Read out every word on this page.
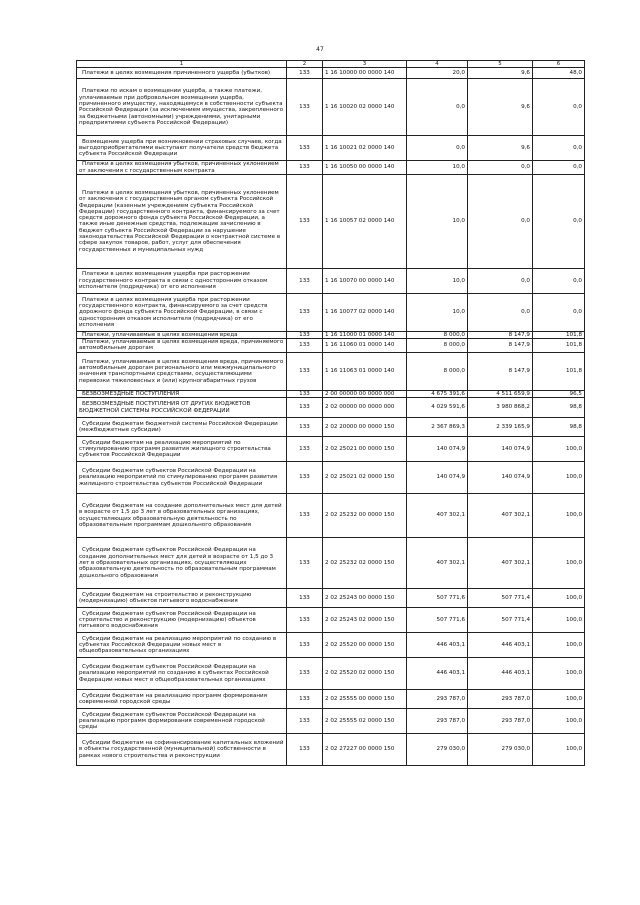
47
1	2	3	4	5	6
Платежи в целях возмещения причиненного ущерба (убытков)	133	1 16 10000 00 0000 140	20,0	9,6	48,0
Платежи по искам о возмещении ущерба, а также платежи, уплачиваемые при добровольном возмещении ущерба, причиненного имуществу, находящемуся в собственности субъекта Российской Федерации (за исключением имущества, закрепленного за бюджетными (автономными) учреждениями, унитарными предприятиями субъекта Российской Федерации)	133	1 16 10020 02 0000 140	0,0	9,6	0,0
Возмещение ущерба при возникновении страховых случаев, когда выгодоприобретателями выступают получатели средств бюджета субъекта Российской Федерации	133	1 16 10021 02 0000 140	0,0	9,6	0,0
Платежи в целях возмещения убытков, причиненных уклонением от заключения с государственным контракта	133	1 16 10050 00 0000 140	10,0	0,0	0,0
Платежи в целях возмещения убытков, причиненных уклонением от заключения с государственным органом субъекта Российской Федерации (казенным учреждением субъекта Российской Федерации) государственного контракта, финансируемого за счет средств дорожного фонда субъекта Российской Федерации, а также иные денежные средства, подлежащие зачислению в бюджет субъекта Российской Федерации за нарушение законодательства Российской Федерации о контрактной системе в сфере закупок товаров, работ, услуг для обеспечения государственных и муниципальных нужд	133	1 16 10057 02 0000 140	10,0	0,0	0,0
Платежи в целях возмещения ущерба при расторжении государственного контракта в связи с односторонним отказом исполнителя (подрядчика) от его исполнения	133	1 16 10070 00 0000 140	10,0	0,0	0,0
Платежи в целях возмещения ущерба при расторжении государственного контракта, финансируемого за счет средств дорожного фонда субъекта Российской Федерации, в связи с односторонним отказом исполнителя (подрядчика) от его исполнения	133	1 16 10077 02 0000 140	10,0	0,0	0,0
Платежи, уплачиваемые в целях возмещения вреда	133	1 16 11000 01 0000 140	8 000,0	8 147,9	101,8
Платежи, уплачиваемые в целях возмещения вреда, причиняемого автомобильным дорогам	133	1 16 11060 01 0000 140	8 000,0	8 147,9	101,8
Платежи, уплачиваемые в целях возмещения вреда, причиняемого автомобильным дорогам регионального или межмуниципального значения транспортными средствами, осуществляющими перевозки тяжеловесных и (или) крупногабаритных грузов	133	1 16 11063 01 0000 140	8 000,0	8 147,9	101,8
БЕЗВОЗМЕЗДНЫЕ ПОСТУПЛЕНИЯ	133	2 00 00000 00 0000 000	4 675 391,6	4 511 659,9	96,5
БЕЗВОЗМЕЗДНЫЕ ПОСТУПЛЕНИЯ ОТ ДРУГИХ БЮДЖЕТОВ БЮДЖЕТНОЙ СИСТЕМЫ РОССИЙСКОЙ ФЕДЕРАЦИИ	133	2 02 00000 00 0000 000	4 029 591,6	3 980 868,2	98,8
Субсидии бюджетам бюджетной системы Российской Федерации (межбюджетные субсидии)	133	2 02 20000 00 0000 150	2 367 869,3	2 339 165,9	98,8
Субсидии бюджетам на реализацию мероприятий по стимулированию программ развития жилищного строительства субъектов Российской Федерации	133	2 02 25021 00 0000 150	140 074,9	140 074,9	100,0
Субсидии бюджетам субъектов Российской Федерации на реализацию мероприятий по стимулированию программ развития жилищного строительства субъектов Российской Федерации	133	2 02 25021 02 0000 150	140 074,9	140 074,9	100,0
Субсидии бюджетам на создание дополнительных мест для детей в возрасте от 1,5 до 3 лет в образовательных организациях, осуществляющих образовательную деятельность по образовательным программам дошкольного образования	133	2 02 25232 00 0000 150	407 302,1	407 302,1	100,0
Субсидии бюджетам субъектов Российской Федерации на создание дополнительных мест для детей в возрасте от 1,5 до 3 лет в образовательных организациях, осуществляющих образовательную деятельность по образовательным программам дошкольного образования	133	2 02 25232 02 0000 150	407 302,1	407 302,1	100,0
Субсидии бюджетам на строительство и реконструкцию (модернизацию) объектов питьевого водоснабжения	133	2 02 25243 00 0000 150	507 771,6	507 771,4	100,0
Субсидии бюджетам субъектов Российской Федерации на строительство и реконструкцию (модернизацию) объектов питьевого водоснабжения	133	2 02 25243 02 0000 150	507 771,6	507 771,4	100,0
Субсидии бюджетам на реализацию мероприятий по созданию в субъектах Российской Федерации новых мест в общеобразовательных организациях	133	2 02 25520 00 0000 150	446 403,1	446 403,1	100,0
Субсидии бюджетам субъектов Российской Федерации на реализацию мероприятий по созданию в субъектах Российской Федерации новых мест в общеобразовательных организациях	133	2 02 25520 02 0000 150	446 403,1	446 403,1	100,0
Субсидии бюджетам на реализацию программ формирования современной городской среды	133	2 02 25555 00 0000 150	293 787,0	293 787,0	100,0
Субсидии бюджетам субъектов Российской Федерации на реализацию программ формирования современной городской среды	133	2 02 25555 02 0000 150	293 787,0	293 787,0	100,0
Субсидии бюджетам на софинансирование капитальных вложений в объекты государственной (муниципальной) собственности в рамках нового строительства и реконструкции	133	2 02 27227 00 0000 150	279 030,0	279 030,0	100,0
